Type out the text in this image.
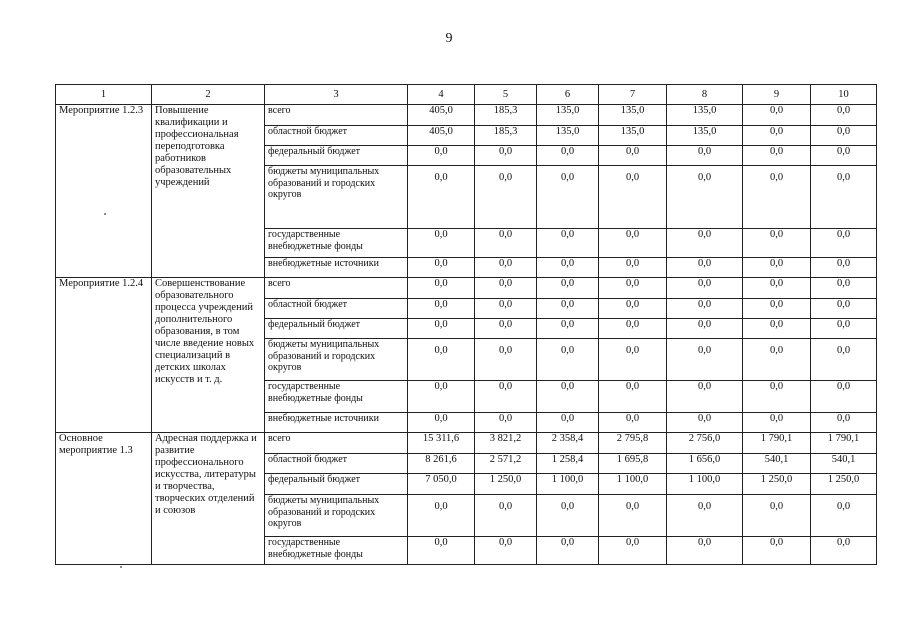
9
1	2	3	4	5	6	7	8	9	10
Мероприятие 1.2.3	Повышение квалификации и профессиональная переподготовка работников образовательных учреждений	всего	405,0	185,3	135,0	135,0	135,0	0,0	0,0
		областной бюджет	405,0	185,3	135,0	135,0	135,0	0,0	0,0
		федеральный бюджет	0,0	0,0	0,0	0,0	0,0	0,0	0,0
		бюджеты муниципальных образований и городских округов	0,0	0,0	0,0	0,0	0,0	0,0	0,0
		государственные внебюджетные фонды	0,0	0,0	0,0	0,0	0,0	0,0	0,0
		внебюджетные источники	0,0	0,0	0,0	0,0	0,0	0,0	0,0
Мероприятие 1.2.4	Совершенствование образовательного процесса учреждений дополнительного образования, в том числе введение новых специализаций в детских школах искусств и т. д.	всего	0,0	0,0	0,0	0,0	0,0	0,0	0,0
		областной бюджет	0,0	0,0	0,0	0,0	0,0	0,0	0,0
		федеральный бюджет	0,0	0,0	0,0	0,0	0,0	0,0	0,0
		бюджеты муниципальных образований и городских округов	0,0	0,0	0,0	0,0	0,0	0,0	0,0
		государственные внебюджетные фонды	0,0	0,0	0,0	0,0	0,0	0,0	0,0
		внебюджетные источники	0,0	0,0	0,0	0,0	0,0	0,0	0,0
Основное мероприятие 1.3	Адресная поддержка и развитие профессионального искусства, литературы и творчества, творческих отделений и союзов	всего	15 311,6	3 821,2	2 358,4	2 795,8	2 756,0	1 790,1	1 790,1
		областной бюджет	8 261,6	2 571,2	1 258,4	1 695,8	1 656,0	540,1	540,1
		федеральный бюджет	7 050,0	1 250,0	1 100,0	1 100,0	1 100,0	1 250,0	1 250,0
		бюджеты муниципальных образований и городских округов	0,0	0,0	0,0	0,0	0,0	0,0	0,0
		государственные внебюджетные фонды	0,0	0,0	0,0	0,0	0,0	0,0	0,0
